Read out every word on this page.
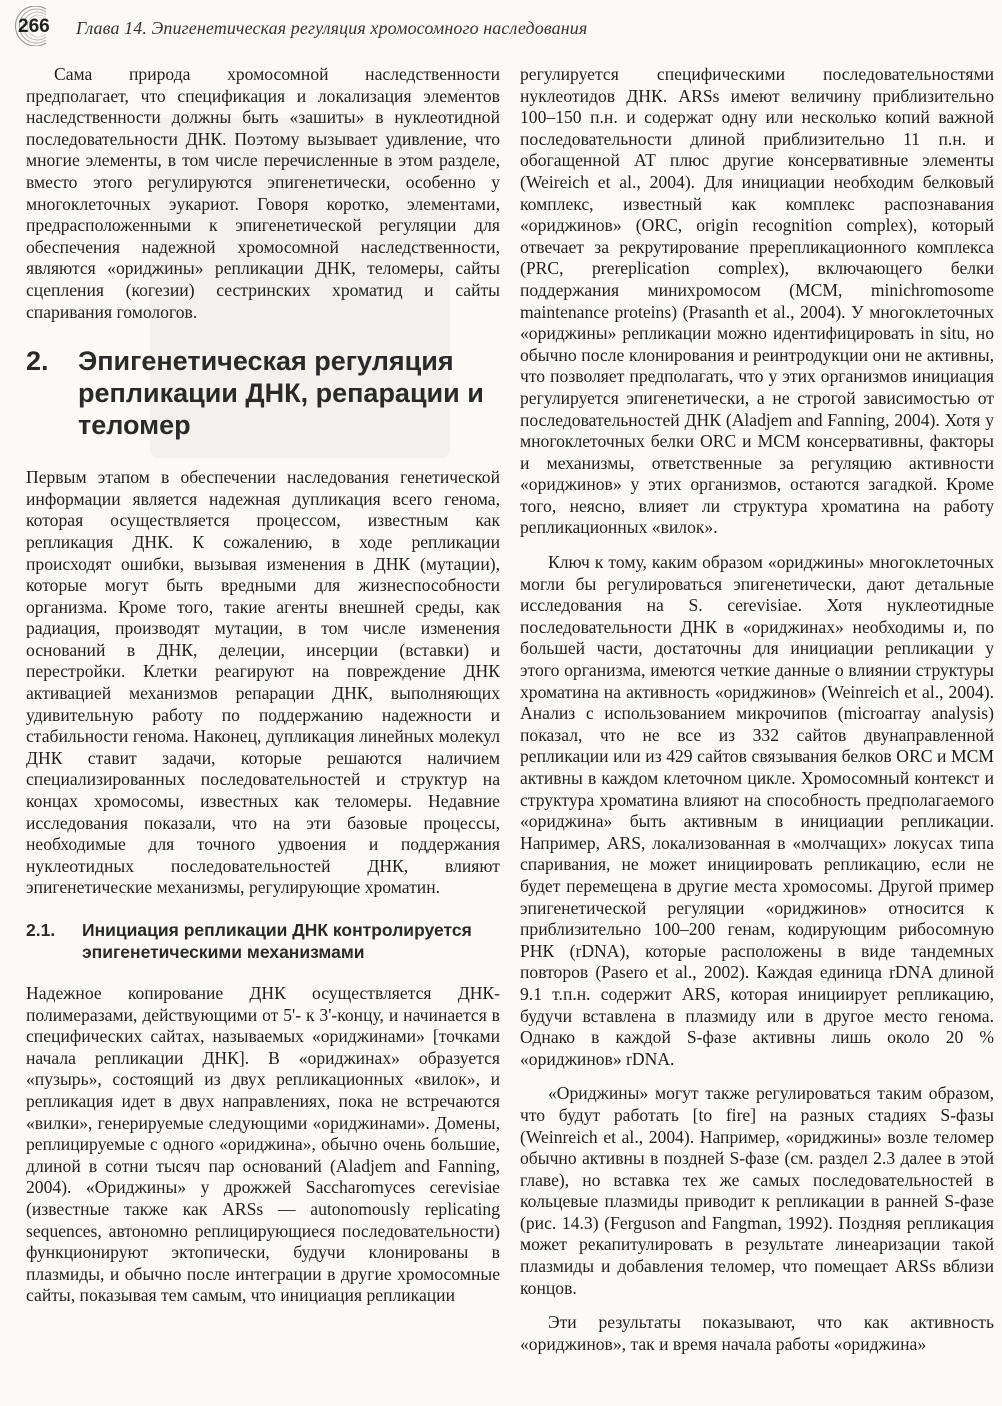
266 Глава 14. Эпигенетическая регуляция хромосомного наследования

Сама природа хромосомной наследственности предполагает, что спецификация и локализация элементов наследственности должны быть «зашиты» в нуклеотидной последовательности ДНК. Поэтому вызывает удивление, что многие элементы, в том числе перечисленные в этом разделе, вместо этого регулируются эпигенетически, особенно у многоклеточных эукариот. Говоря коротко, элементами, предрасположенными к эпигенетической регуляции для обеспечения надежной хромосомной наследственности, являются «ориджины» репликации ДНК, теломеры, сайты сцепления (когезии) сестринских хроматид и сайты спаривания гомологов.

2.	Эпигенетическая регуляция репликации ДНК, репарации и теломер

Первым этапом в обеспечении наследования генетической информации является надежная дупликация всего генома, которая осуществляется процессом, известным как репликация ДНК. К сожалению, в ходе репликации происходят ошибки, вызывая изменения в ДНК (мутации), которые могут быть вредными для жизнеспособности организма. Кроме того, такие агенты внешней среды, как радиация, производят мутации, в том числе изменения оснований в ДНК, делеции, инсерции (вставки) и перестройки. Клетки реагируют на повреждение ДНК активацией механизмов репарации ДНК, выполняющих удивительную работу по поддержанию надежности и стабильности генома. Наконец, дупликация линейных молекул ДНК ставит задачи, которые решаются наличием специализированных последовательностей и структур на концах хромосомы, известных как теломеры. Недавние исследования показали, что на эти базовые процессы, необходимые для точного удвоения и поддержания нуклеотидных последовательностей ДНК, влияют эпигенетические механизмы, регулирующие хроматин.

2.1.	Инициация репликации ДНК контролируется эпигенетическими механизмами

Надежное копирование ДНК осуществляется ДНК-полимеразами, действующими от 5'- к 3'-концу, и начинается в специфических сайтах, называемых «ориджинами» [точками начала репликации ДНК]. В «ориджинах» образуется «пузырь», состоящий из двух репликационных «вилок», и репликация идет в двух направлениях, пока не встречаются «вилки», генерируемые следующими «ориджинами». Домены, реплицируемые с одного «ориджина», обычно очень большие, длиной в сотни тысяч пар оснований (Aladjem and Fanning, 2004). «Ориджины» у дрожжей Saccharomyces cerevisiae (известные также как ARSs — autonomously replicating sequences, автономно реплицирующиеся последовательности) функционируют эктопически, будучи клонированы в плазмиды, и обычно после интеграции в другие хромосомные сайты, показывая тем самым, что инициация репликации

регулируется специфическими последовательностями нуклеотидов ДНК. ARSs имеют величину приблизительно 100–150 п.н. и содержат одну или несколько копий важной последовательности длиной приблизительно 11 п.н. и обогащенной АТ плюс другие консервативные элементы (Weireich et al., 2004). Для инициации необходим белковый комплекс, известный как комплекс распознавания «ориджинов» (ORC, origin recognition complex), который отвечает за рекрутирование пререпликационного комплекса (PRC, prereplication complex), включающего белки поддержания минихромосом (MCM, minichromosome maintenance proteins) (Prasanth et al., 2004). У многоклеточных «ориджины» репликации можно идентифицировать in situ, но обычно после клонирования и реинтродукции они не активны, что позволяет предполагать, что у этих организмов инициация регулируется эпигенетически, а не строгой зависимостью от последовательностей ДНК (Aladjem and Fanning, 2004). Хотя у многоклеточных белки ORC и MCM консервативны, факторы и механизмы, ответственные за регуляцию активности «ориджинов» у этих организмов, остаются загадкой. Кроме того, неясно, влияет ли структура хроматина на работу репликационных «вилок».

Ключ к тому, каким образом «ориджины» многоклеточных могли бы регулироваться эпигенетически, дают детальные исследования на S. cerevisiae. Хотя нуклеотидные последовательности ДНК в «ориджинах» необходимы и, по большей части, достаточны для инициации репликации у этого организма, имеются четкие данные о влиянии структуры хроматина на активность «ориджинов» (Weinreich et al., 2004). Анализ с использованием микрочипов (microarray analysis) показал, что не все из 332 сайтов двунаправленной репликации или из 429 сайтов связывания белков ORC и MCM активны в каждом клеточном цикле. Хромосомный контекст и структура хроматина влияют на способность предполагаемого «ориджина» быть активным в инициации репликации. Например, ARS, локализованная в «молчащих» локусах типа спаривания, не может инициировать репликацию, если не будет перемещена в другие места хромосомы. Другой пример эпигенетической регуляции «ориджинов» относится к приблизительно 100–200 генам, кодирующим рибосомную РНК (rDNA), которые расположены в виде тандемных повторов (Pasero et al., 2002). Каждая единица rDNA длиной 9.1 т.п.н. содержит ARS, которая инициирует репликацию, будучи вставлена в плазмиду или в другое место генома. Однако в каждой S-фазе активны лишь около 20 % «ориджинов» rDNA.

«Ориджины» могут также регулироваться таким образом, что будут работать [to fire] на разных стадиях S-фазы (Weinreich et al., 2004). Например, «ориджины» возле теломер обычно активны в поздней S-фазе (см. раздел 2.3 далее в этой главе), но вставка тех же самых последовательностей в кольцевые плазмиды приводит к репликации в ранней S-фазе (рис. 14.3) (Ferguson and Fangman, 1992). Поздняя репликация может рекапитулировать в результате линеаризации такой плазмиды и добавления теломер, что помещает ARSs вблизи концов.

Эти результаты показывают, что как активность «ориджинов», так и время начала работы «ориджина»
